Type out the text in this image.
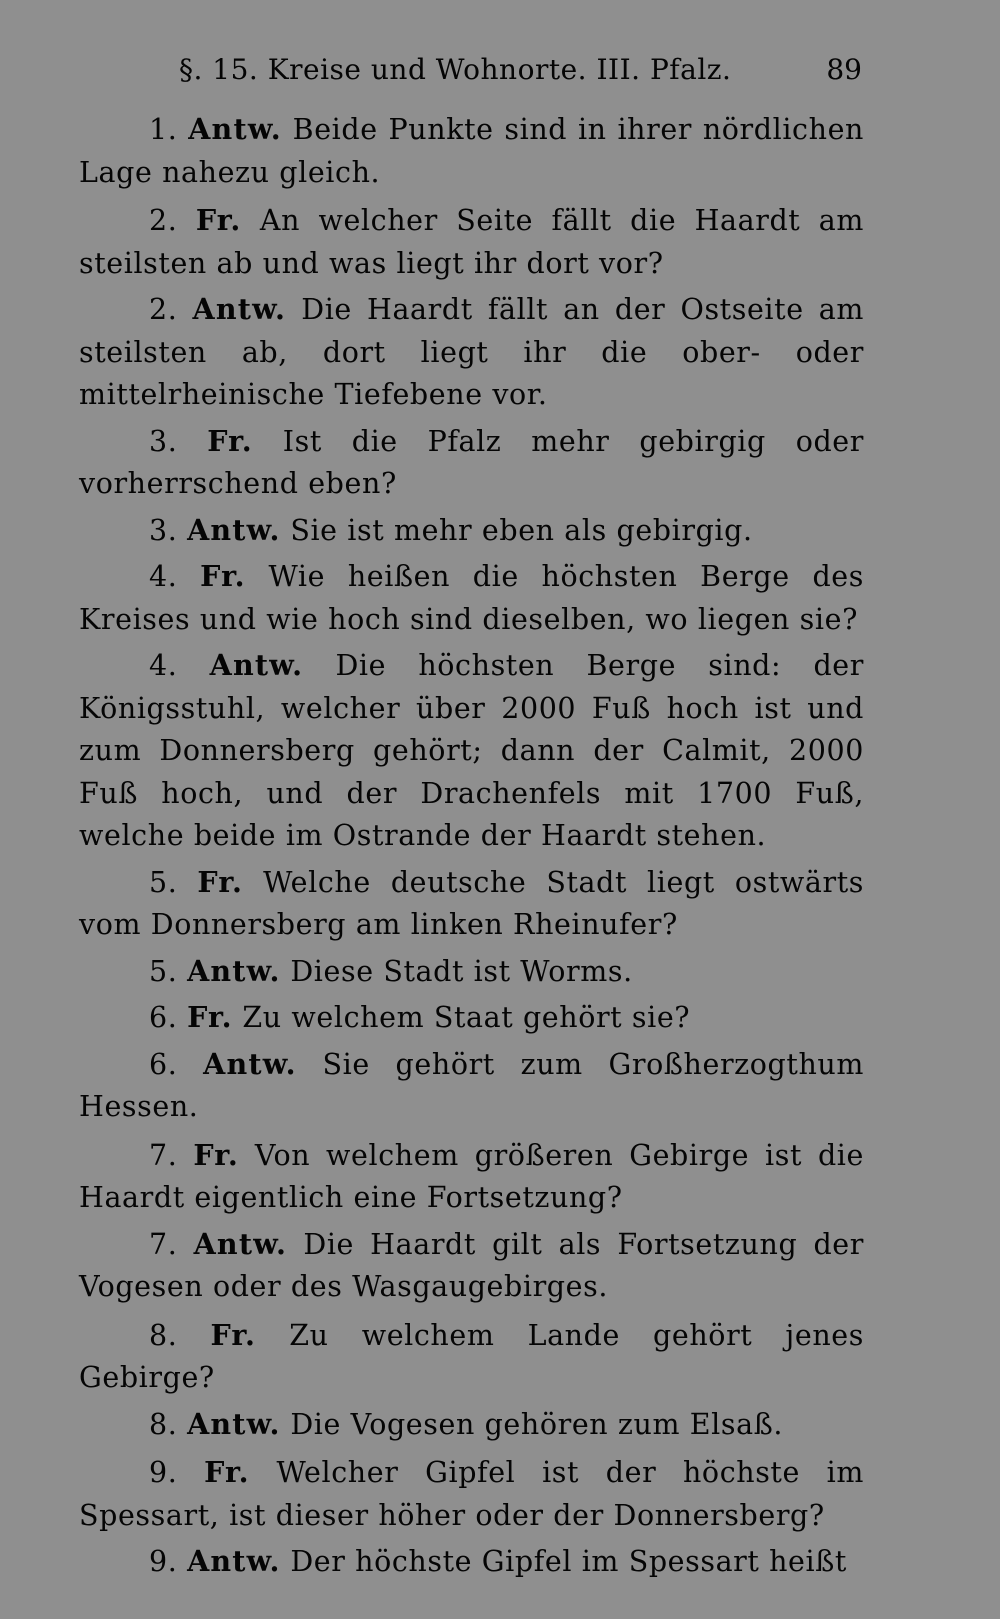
§. 15. Kreise und Wohnorte. III. Pfalz.	89

1. Antw. Beide Punkte sind in ihrer nördlichen Lage nahezu gleich.

2. Fr. An welcher Seite fällt die Haardt am steilsten ab und was liegt ihr dort vor?

2. Antw. Die Haardt fällt an der Ostseite am steilsten ab, dort liegt ihr die ober- oder mittelrheinische Tiefebene vor.

3. Fr. Ist die Pfalz mehr gebirgig oder vorherrschend eben?

3. Antw. Sie ist mehr eben als gebirgig.

4. Fr. Wie heißen die höchsten Berge des Kreises und wie hoch sind dieselben, wo liegen sie?

4. Antw. Die höchsten Berge sind: der Königsstuhl, welcher über 2000 Fuß hoch ist und zum Donnersberg gehört; dann der Calmit, 2000 Fuß hoch, und der Drachenfels mit 1700 Fuß, welche beide im Ostrande der Haardt stehen.

5. Fr. Welche deutsche Stadt liegt ostwärts vom Donnersberg am linken Rheinufer?

5. Antw. Diese Stadt ist Worms.

6. Fr. Zu welchem Staat gehört sie?

6. Antw. Sie gehört zum Großherzogthum Hessen.

7. Fr. Von welchem größeren Gebirge ist die Haardt eigentlich eine Fortsetzung?

7. Antw. Die Haardt gilt als Fortsetzung der Vogesen oder des Wasgaugebirges.

8. Fr. Zu welchem Lande gehört jenes Gebirge?

8. Antw. Die Vogesen gehören zum Elsaß.

9. Fr. Welcher Gipfel ist der höchste im Spessart, ist dieser höher oder der Donnersberg?

9. Antw. Der höchste Gipfel im Spessart heißt
